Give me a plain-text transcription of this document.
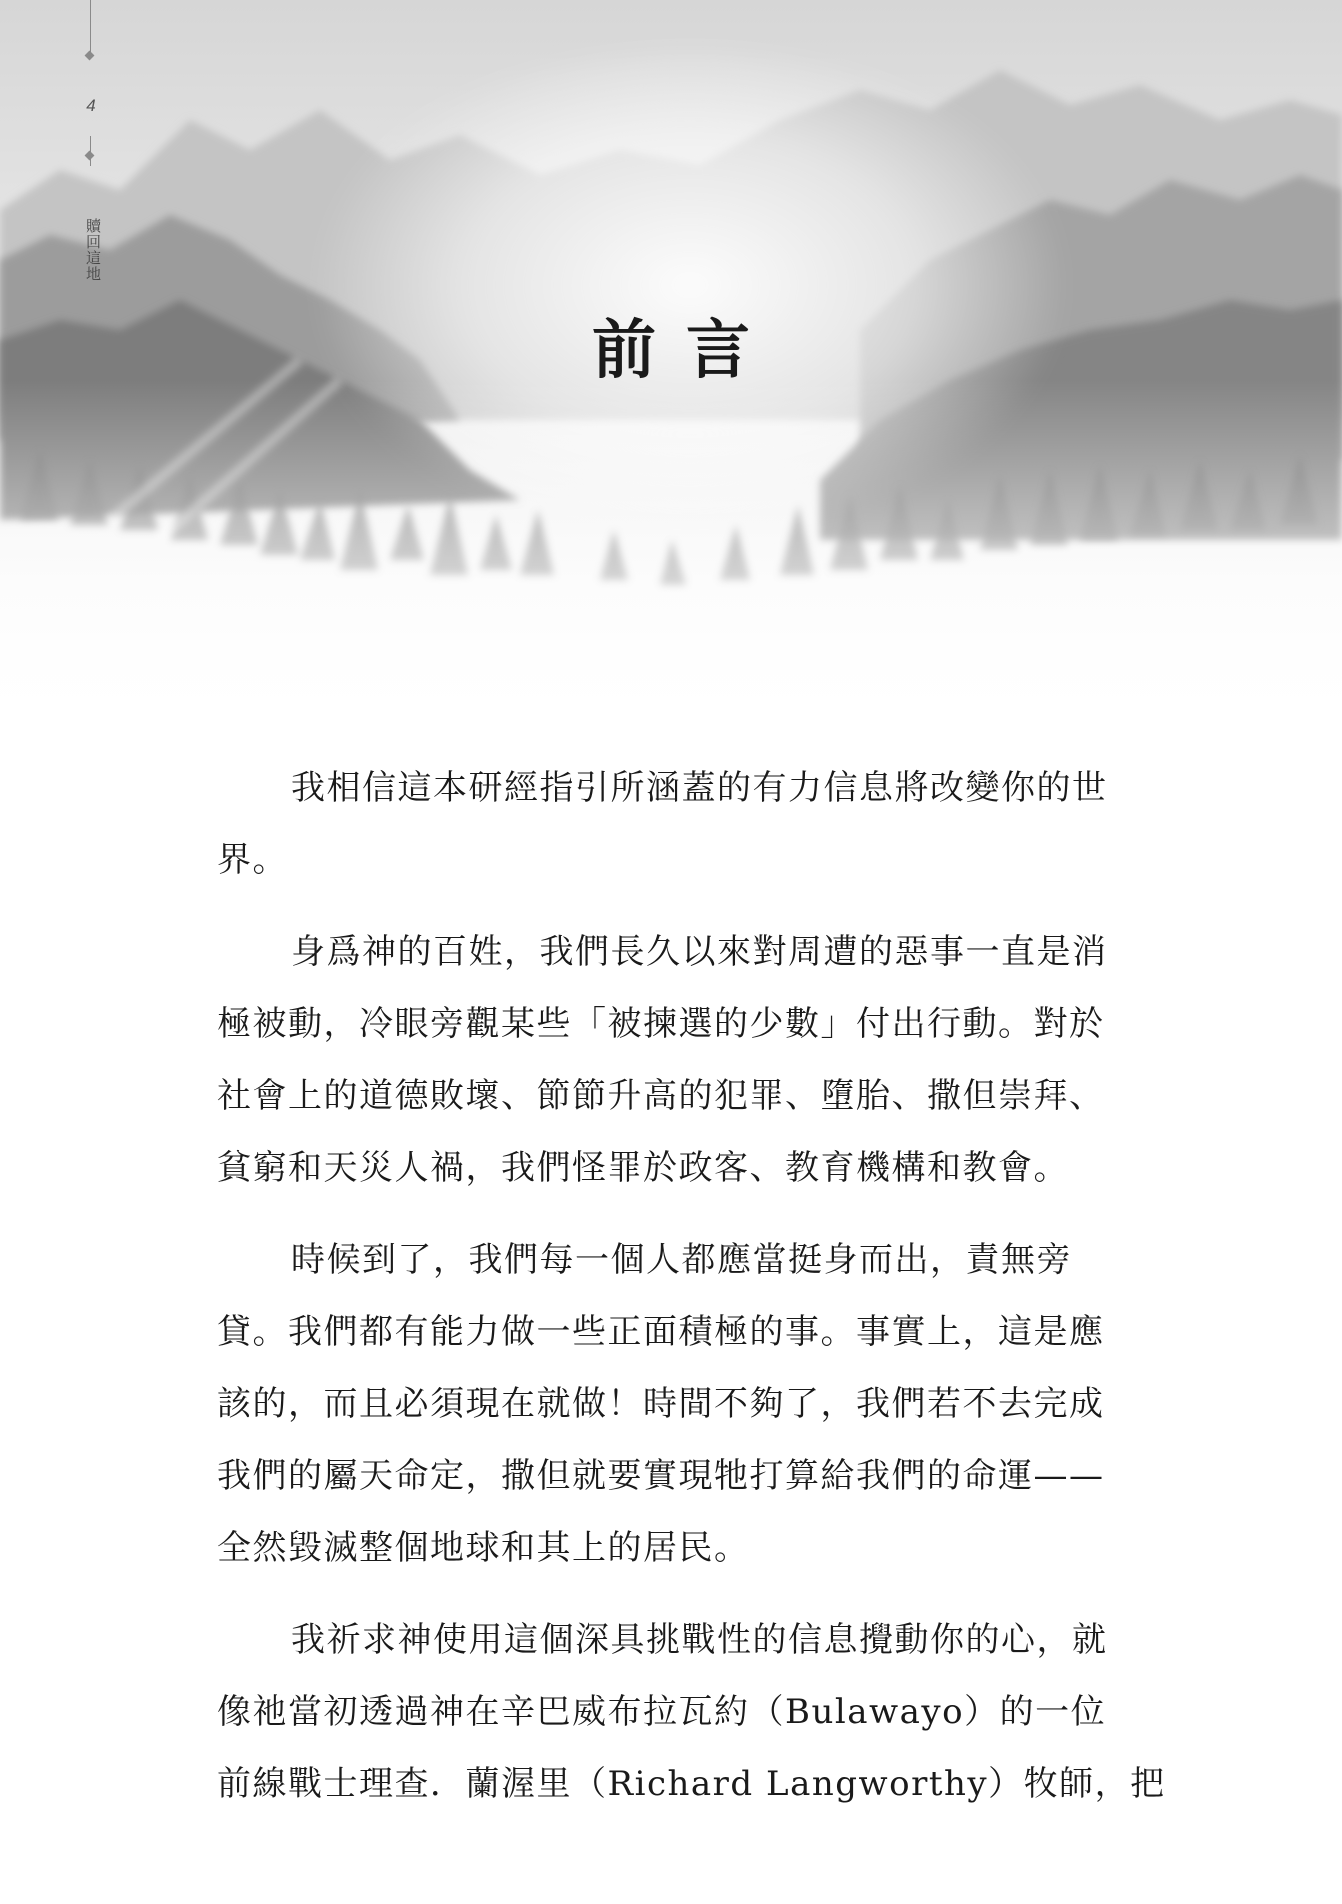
4
贖回這地
前言

我相信這本研經指引所涵蓋的有力信息將改變你的世

界。

身爲神的百姓，我們長久以來對周遭的惡事一直是消

極被動，冷眼旁觀某些「被揀選的少數」付出行動。對於

社會上的道德敗壞、節節升高的犯罪、墮胎、撒但崇拜、

貧窮和天災人禍，我們怪罪於政客、教育機構和教會。

時候到了，我們每一個人都應當挺身而出，責無旁

貸。我們都有能力做一些正面積極的事。事實上，這是應

該的，而且必須現在就做！時間不夠了，我們若不去完成

我們的屬天命定，撒但就要實現牠打算給我們的命運——

全然毀滅整個地球和其上的居民。

我祈求神使用這個深具挑戰性的信息攪動你的心，就

像祂當初透過神在辛巴威布拉瓦約（Bulawayo）的一位

前線戰士理查．蘭渥里（Richard Langworthy）牧師，把
